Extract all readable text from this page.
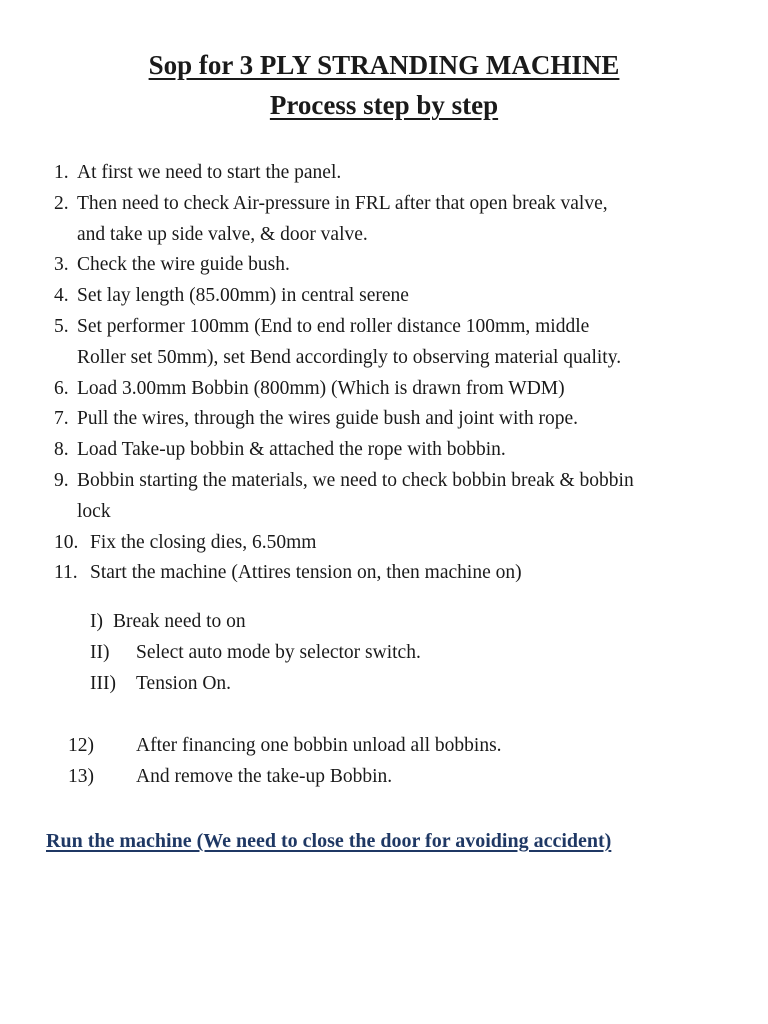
Sop for 3 PLY STRANDING MACHINE
Process step by step
1. At first we need to start the panel.
2. Then need to check Air-pressure in FRL after that open break valve,
and take up side valve, & door valve.
3. Check the wire guide bush.
4. Set lay length (85.00mm) in central serene
5. Set performer 100mm (End to end roller distance 100mm, middle
Roller set 50mm), set Bend accordingly to observing material quality.
6. Load 3.00mm Bobbin (800mm) (Which is drawn from WDM)
7. Pull the wires, through the wires guide bush and joint with rope.
8. Load Take-up bobbin & attached the rope with bobbin.
9. Bobbin starting the materials, we need to check bobbin break & bobbin
lock
10. Fix the closing dies, 6.50mm
11. Start the machine (Attires tension on, then machine on)
I) Break need to on
II) Select auto mode by selector switch.
III) Tension On.
12) After financing one bobbin unload all bobbins.
13) And remove the take-up Bobbin.
Run the machine (We need to close the door for avoiding accident)
